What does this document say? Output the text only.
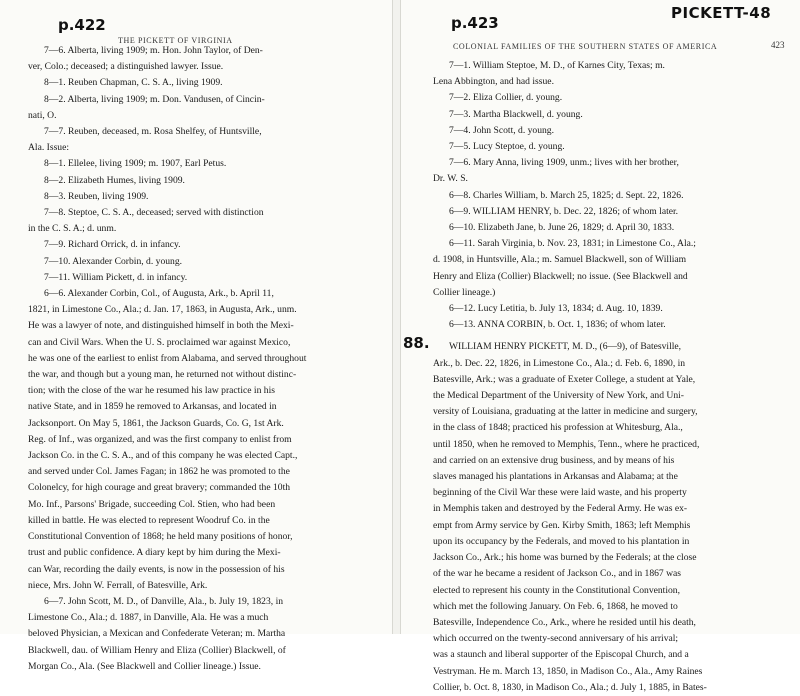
p.422
THE PICKETT OF VIRGINIA
7—6. Alberta, living 1909; m. Hon. John Taylor, of Den-
ver, Colo.; deceased; a distinguished lawyer. Issue.
8—1. Reuben Chapman, C. S. A., living 1909.
8—2. Alberta, living 1909; m. Don. Vandusen, of Cincin-
nati, O.
7—7. Reuben, deceased, m. Rosa Shelfey, of Huntsville,
Ala. Issue:
8—1. Ellelee, living 1909; m. 1907, Earl Petus.
8—2. Elizabeth Humes, living 1909.
8—3. Reuben, living 1909.
7—8. Steptoe, C. S. A., deceased; served with distinction
in the C. S. A.; d. unm.
7—9. Richard Orrick, d. in infancy.
7—10. Alexander Corbin, d. young.
7—11. William Pickett, d. in infancy.
6—6. Alexander Corbin, Col., of Augusta, Ark., b. April 11,
1821, in Limestone Co., Ala.; d. Jan. 17, 1863, in Augusta, Ark., unm.
He was a lawyer of note, and distinguished himself in both the Mexi-
can and Civil Wars. When the U. S. proclaimed war against Mexico,
he was one of the earliest to enlist from Alabama, and served throughout
the war, and though but a young man, he returned not without distinc-
tion; with the close of the war he resumed his law practice in his
native State, and in 1859 he removed to Arkansas, and located in
Jacksonport. On May 5, 1861, the Jackson Guards, Co. G, 1st Ark.
Reg. of Inf., was organized, and was the first company to enlist from
Jackson Co. in the C. S. A., and of this company he was elected Capt.,
and served under Col. James Fagan; in 1862 he was promoted to the
Colonelcy, for high courage and great bravery; commanded the 10th
Mo. Inf., Parsons' Brigade, succeeding Col. Stien, who had been
killed in battle. He was elected to represent Woodruf Co. in the
Constitutional Convention of 1868; he held many positions of honor,
trust and public confidence. A diary kept by him during the Mexi-
can War, recording the daily events, is now in the possession of his
niece, Mrs. John W. Ferrall, of Batesville, Ark.
6—7. John Scott, M. D., of Danville, Ala., b. July 19, 1823, in
Limestone Co., Ala.; d. 1887, in Danville, Ala. He was a much
beloved Physician, a Mexican and Confederate Veteran; m. Martha
Blackwell, dau. of William Henry and Eliza (Collier) Blackwell, of
Morgan Co., Ala. (See Blackwell and Collier lineage.) Issue.
p.423
PICKETT-48
COLONIAL FAMILIES OF THE SOUTHERN STATES OF AMERICA	423
88.
7—1. William Steptoe, M. D., of Karnes City, Texas; m.
Lena Abbington, and had issue.
7—2. Eliza Collier, d. young.
7—3. Martha Blackwell, d. young.
7—4. John Scott, d. young.
7—5. Lucy Steptoe, d. young.
7—6. Mary Anna, living 1909, unm.; lives with her brother,
Dr. W. S.
6—8. Charles William, b. March 25, 1825; d. Sept. 22, 1826.
6—9. WILLIAM HENRY, b. Dec. 22, 1826; of whom later.
6—10. Elizabeth Jane, b. June 26, 1829; d. April 30, 1833.
6—11. Sarah Virginia, b. Nov. 23, 1831; in Limestone Co., Ala.;
d. 1908, in Huntsville, Ala.; m. Samuel Blackwell, son of William
Henry and Eliza (Collier) Blackwell; no issue. (See Blackwell and
Collier lineage.)
6—12. Lucy Letitia, b. July 13, 1834; d. Aug. 10, 1839.
6—13. ANNA CORBIN, b. Oct. 1, 1836; of whom later.
WILLIAM HENRY PICKETT, M. D., (6—9), of Batesville,
Ark., b. Dec. 22, 1826, in Limestone Co., Ala.; d. Feb. 6, 1890, in
Batesville, Ark.; was a graduate of Exeter College, a student at Yale,
the Medical Department of the University of New York, and Uni-
versity of Louisiana, graduating at the latter in medicine and surgery,
in the class of 1848; practiced his profession at Whitesburg, Ala.,
until 1850, when he removed to Memphis, Tenn., where he practiced,
and carried on an extensive drug business, and by means of his
slaves managed his plantations in Arkansas and Alabama; at the
beginning of the Civil War these were laid waste, and his property
in Memphis taken and destroyed by the Federal Army. He was ex-
empt from Army service by Gen. Kirby Smith, 1863; left Memphis
upon its occupancy by the Federals, and moved to his plantation in
Jackson Co., Ark.; his home was burned by the Federals; at the close
of the war he became a resident of Jackson Co., and in 1867 was
elected to represent his county in the Constitutional Convention,
which met the following January. On Feb. 6, 1868, he moved to
Batesville, Independence Co., Ark., where he resided until his death,
which occurred on the twenty-second anniversary of his arrival;
was a staunch and liberal supporter of the Episcopal Church, and a
Vestryman. He m. March 13, 1850, in Madison Co., Ala., Amy Raines
Collier, b. Oct. 8, 1830, in Madison Co., Ala.; d. July 1, 1885, in Bates-
